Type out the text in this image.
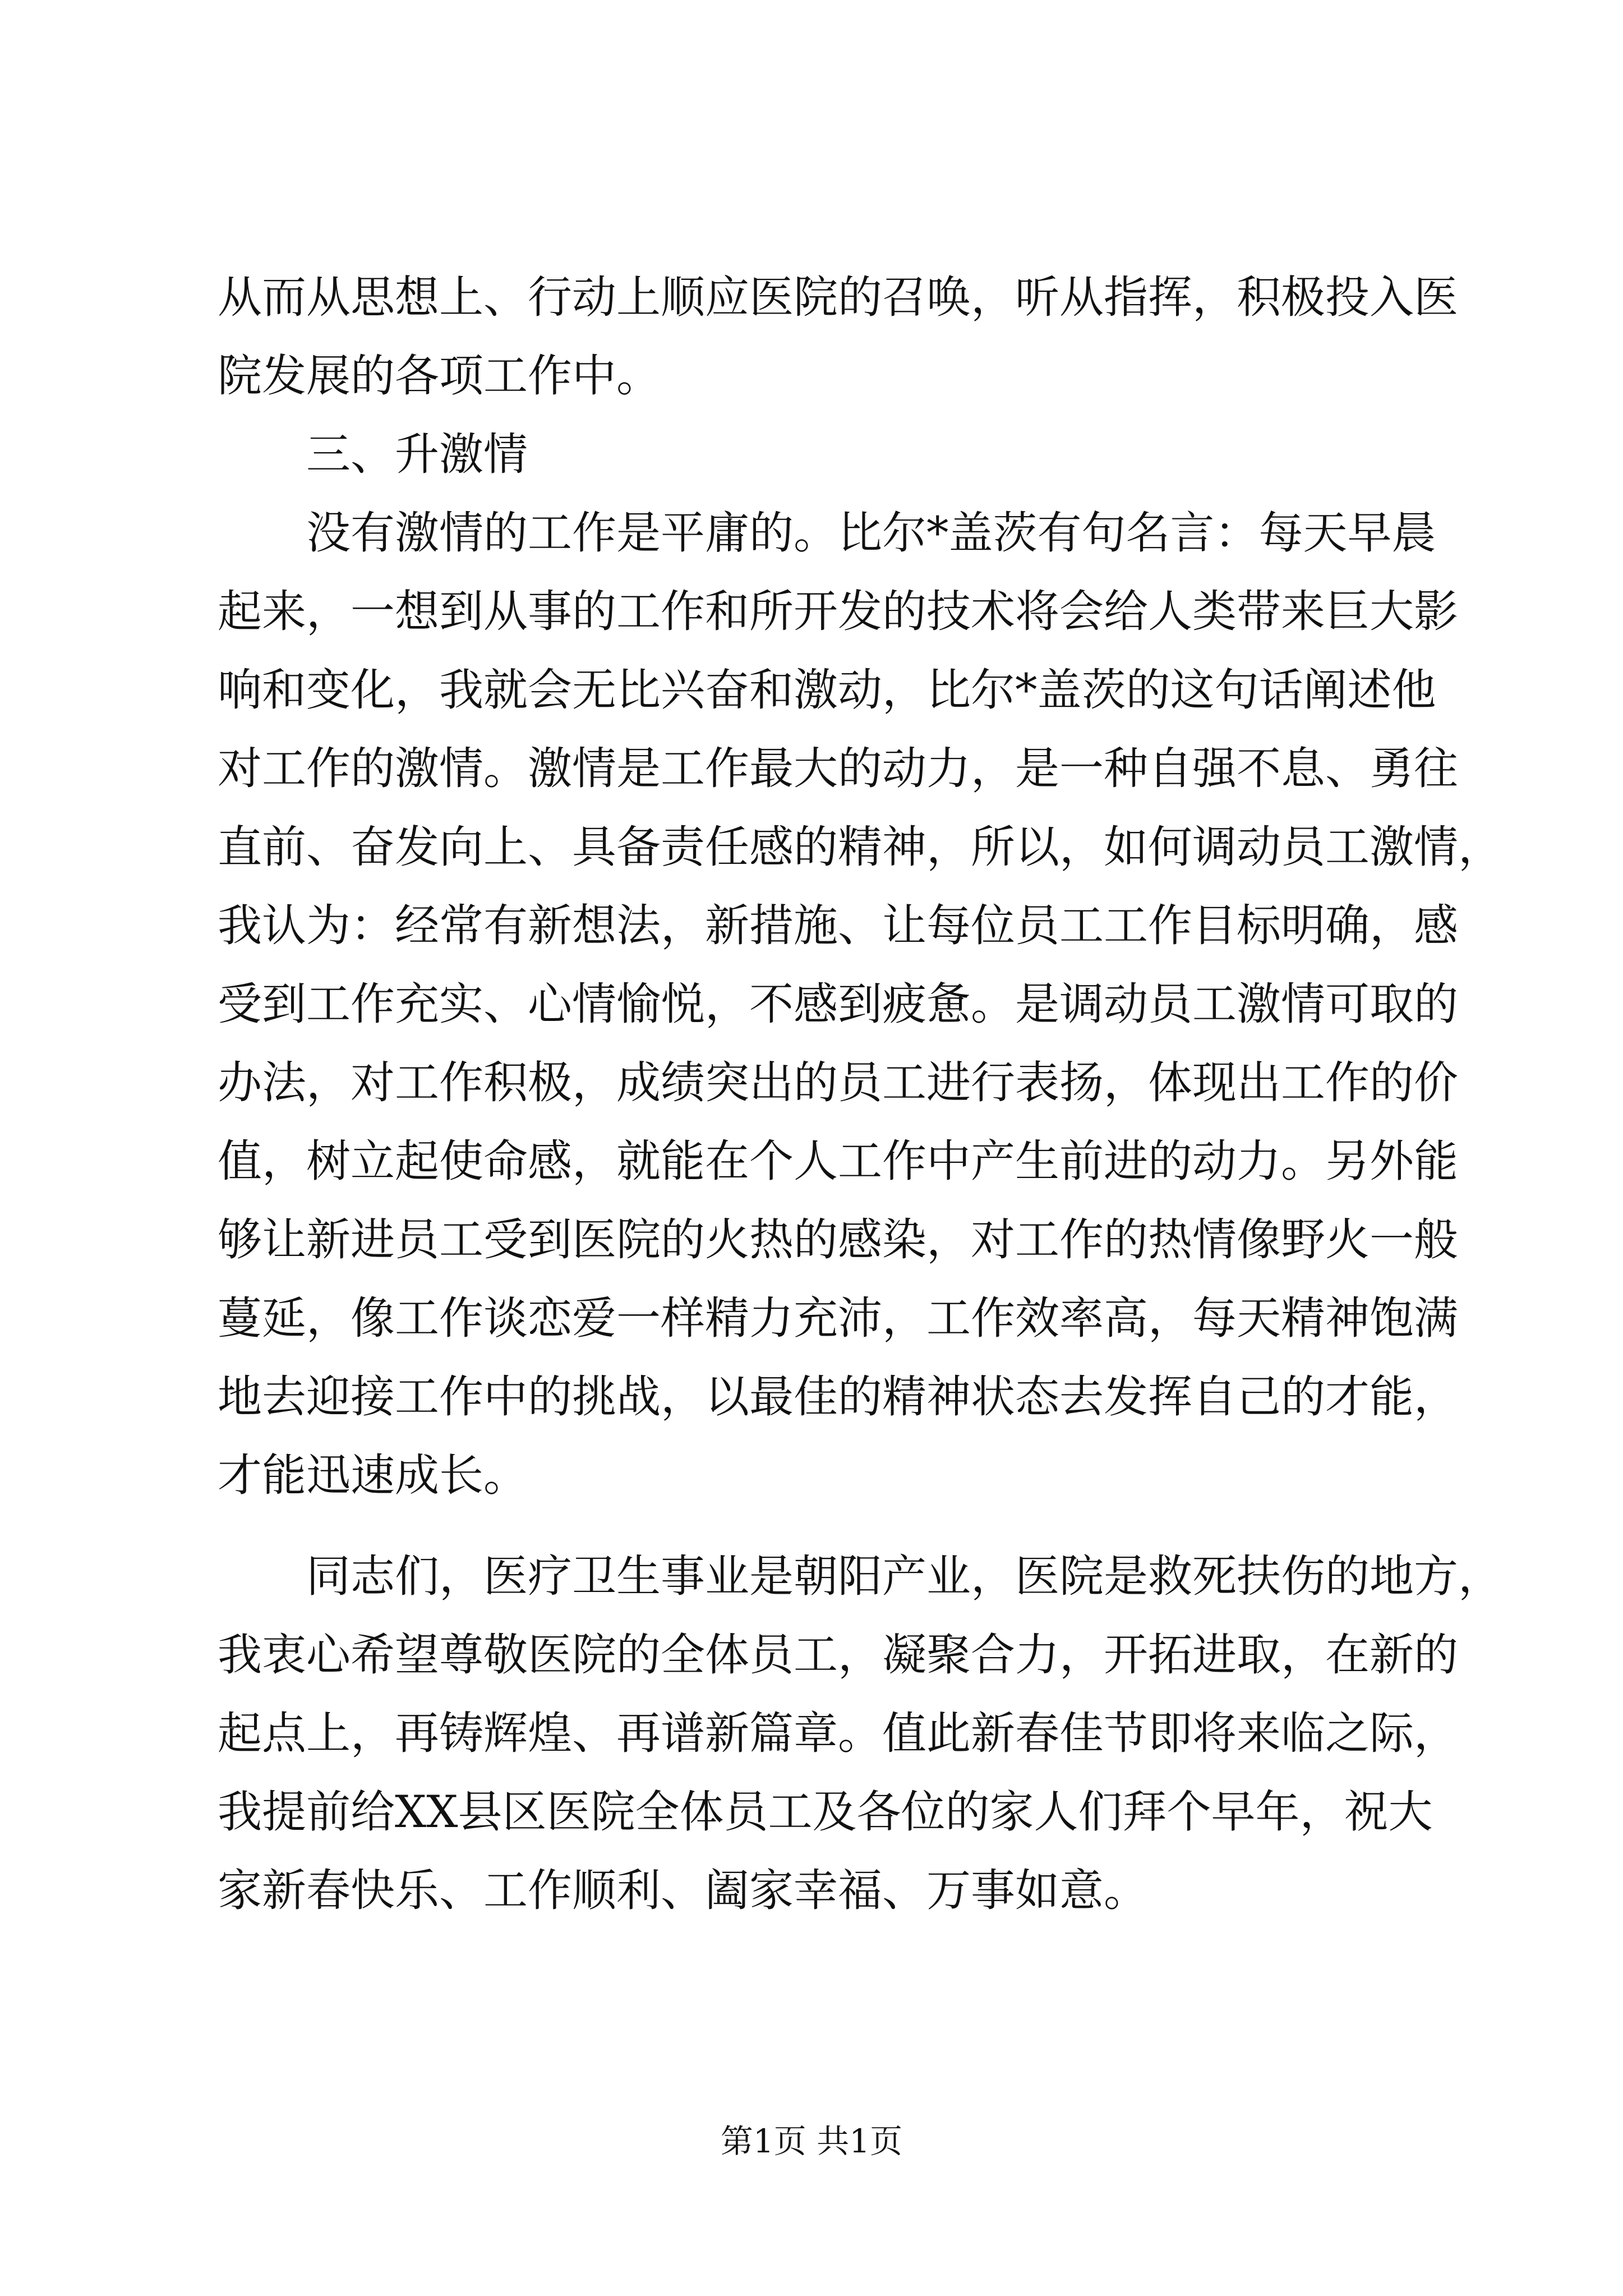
从而从思想上、行动上顺应医院的召唤，听从指挥，积极投入医
院发展的各项工作中。
三、升激情
没有激情的工作是平庸的。比尔*盖茨有句名言：每天早晨
起来，一想到从事的工作和所开发的技术将会给人类带来巨大影
响和变化，我就会无比兴奋和激动，比尔*盖茨的这句话阐述他
对工作的激情。激情是工作最大的动力，是一种自强不息、勇往
直前、奋发向上、具备责任感的精神，所以，如何调动员工激情，
我认为：经常有新想法，新措施、让每位员工工作目标明确，感
受到工作充实、心情愉悦，不感到疲惫。是调动员工激情可取的
办法，对工作积极，成绩突出的员工进行表扬，体现出工作的价
值，树立起使命感，就能在个人工作中产生前进的动力。另外能
够让新进员工受到医院的火热的感染，对工作的热情像野火一般
蔓延，像工作谈恋爱一样精力充沛，工作效率高，每天精神饱满
地去迎接工作中的挑战，以最佳的精神状态去发挥自己的才能，
才能迅速成长。
同志们，医疗卫生事业是朝阳产业，医院是救死扶伤的地方，
我衷心希望尊敬医院的全体员工，凝聚合力，开拓进取，在新的
起点上，再铸辉煌、再谱新篇章。值此新春佳节即将来临之际，
我提前给XX县区医院全体员工及各位的家人们拜个早年，祝大
家新春快乐、工作顺利、阖家幸福、万事如意。
第1页 共1页
